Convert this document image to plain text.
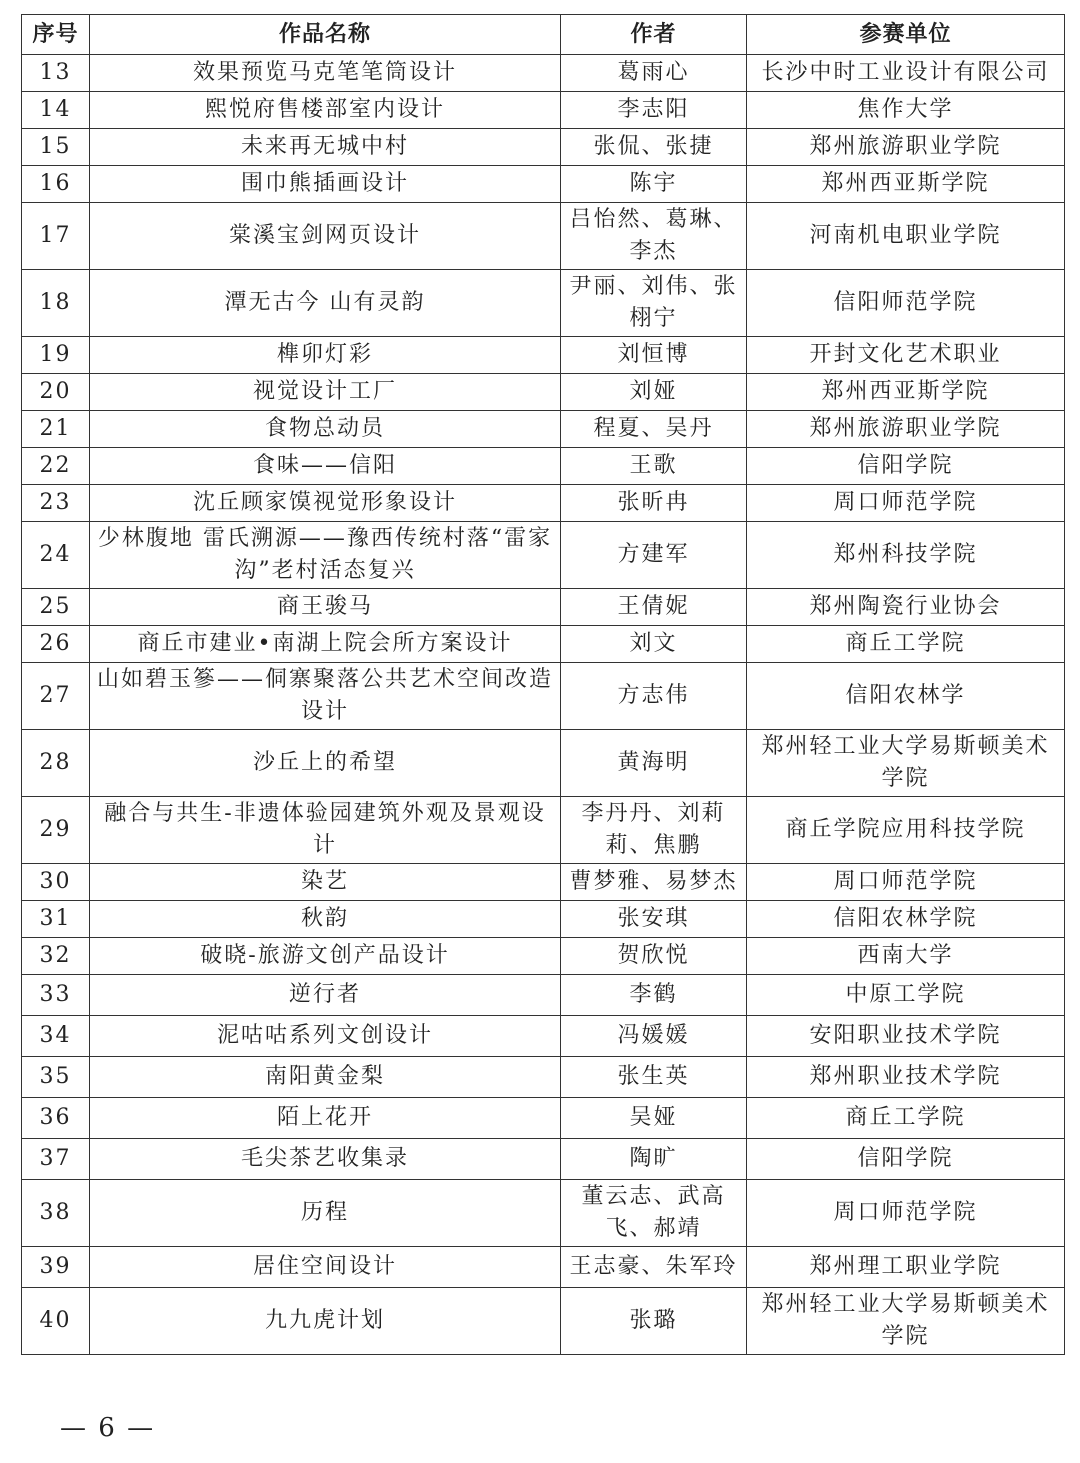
序号	作品名称	作者	参赛单位
13	效果预览马克笔笔筒设计	葛雨心	长沙中时工业设计有限公司
14	熙悦府售楼部室内设计	李志阳	焦作大学
15	未来再无城中村	张侃、张捷	郑州旅游职业学院
16	围巾熊插画设计	陈宇	郑州西亚斯学院
17	棠溪宝剑网页设计	吕怡然、葛琳、李杰	河南机电职业学院
18	潭无古今 山有灵韵	尹丽、刘伟、张栩宁	信阳师范学院
19	榫卯灯彩	刘恒博	开封文化艺术职业
20	视觉设计工厂	刘娅	郑州西亚斯学院
21	食物总动员	程夏、吴丹	郑州旅游职业学院
22	食味——信阳	王歌	信阳学院
23	沈丘顾家馍视觉形象设计	张昕冉	周口师范学院
24	少林腹地 雷氏溯源——豫西传统村落“雷家沟”老村活态复兴	方建军	郑州科技学院
25	商王骏马	王倩妮	郑州陶瓷行业协会
26	商丘市建业•南湖上院会所方案设计	刘文	商丘工学院
27	山如碧玉篸——侗寨聚落公共艺术空间改造设计	方志伟	信阳农林学
28	沙丘上的希望	黄海明	郑州轻工业大学易斯顿美术学院
29	融合与共生-非遗体验园建筑外观及景观设计	李丹丹、刘莉莉、焦鹏	商丘学院应用科技学院
30	染艺	曹梦雅、易梦杰	周口师范学院
31	秋韵	张安琪	信阳农林学院
32	破晓-旅游文创产品设计	贺欣悦	西南大学
33	逆行者	李鹤	中原工学院
34	泥咕咕系列文创设计	冯媛媛	安阳职业技术学院
35	南阳黄金梨	张生英	郑州职业技术学院
36	陌上花开	吴娅	商丘工学院
37	毛尖茶艺收集录	陶旷	信阳学院
38	历程	董云志、武高飞、郝靖	周口师范学院
39	居住空间设计	王志豪、朱军玲	郑州理工职业学院
40	九九虎计划	张璐	郑州轻工业大学易斯顿美术学院
— 6 —
